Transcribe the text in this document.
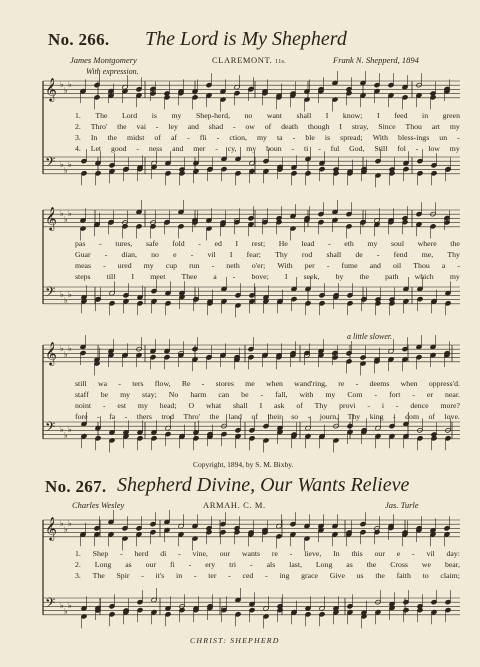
𝄞
𝄢
♭
♭
♭
♭
♭
♭
𝄞
𝄢
♭
♭
♭
♭
♭
♭
𝄞
𝄢
♭
♭
♭
♭
♭
♭
𝄞
𝄢
♭
♭
♭
♭
♭
♭
No. 266. The Lord is My Shepherd
James Montgomery	CLAREMONT. 11s.	Frank N. Shepperd, 1894
With expression.
1. The Lord is my Shep-herd, no want shall I know; I feed in green
2. Thro' the vai - ley and shad - ow of death though I stray, Since Thou art my
3. In the midst of af - fli - ction, my ta - ble is spread; With bless-ings un -
4. Let good - ness and mer - cy, my boun - ti - ful God, Still fol - low my
pas - tures, safe fold - ed I rest; He lead - eth my soul where the
Guar - dian, no e - vil I fear; Thy rod shall de - fend me, Thy
meas - ured my cup run - neth o'er; With per - fume and oil Thou a -
steps till I meet Thee a - bove; I seek, by the path which my
a little slower.
still wa - ters flow, Re - stores me when wand'ring, re - deems when oppress'd.
staff be my stay; No harm can be - fall, with my Com - fort - er near.
noint - est my head; O what shall I ask of Thy provi - i - dence more?
fore - fa - thers trod Thro' the land of their so - journ, Thy king - dom of love.
Copyright, 1894, by S. M. Bixby.
No. 267. Shepherd Divine, Our Wants Relieve
Charles Wesley	ARMAH. C. M.	Jas. Turle
1. Shep - herd di - vine, our wants re - lieve, In this our e - vil day:
2. Long as our fi - ery tri - als last, Long as the Cross we bear,
3. The Spir - it's in - ter - ced - ing grace Give us the faith to claim;
CHRIST: SHEPHERD
